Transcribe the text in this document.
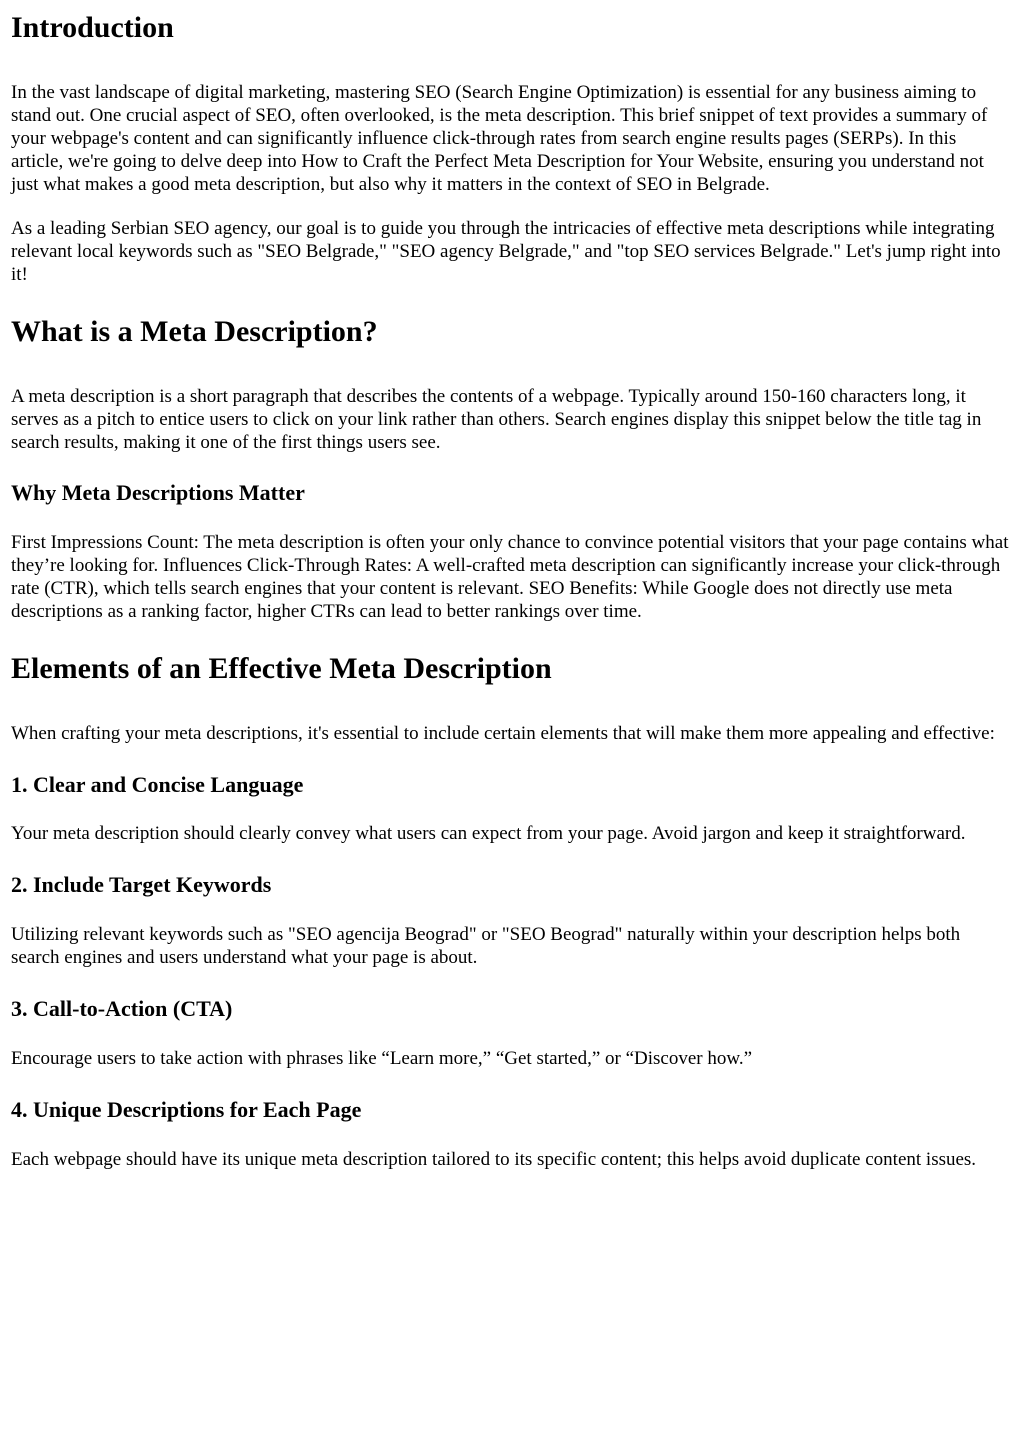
Introduction

In the vast landscape of digital marketing, mastering SEO (Search Engine Optimization) is essential for any business aiming to stand out. One crucial aspect of SEO, often overlooked, is the meta description. This brief snippet of text provides a summary of your webpage's content and can significantly influence click-through rates from search engine results pages (SERPs). In this article, we're going to delve deep into How to Craft the Perfect Meta Description for Your Website, ensuring you understand not just what makes a good meta description, but also why it matters in the context of SEO in Belgrade.

As a leading Serbian SEO agency, our goal is to guide you through the intricacies of effective meta descriptions while integrating relevant local keywords such as "SEO Belgrade," "SEO agency Belgrade," and "top SEO services Belgrade." Let's jump right into it!

What is a Meta Description?

A meta description is a short paragraph that describes the contents of a webpage. Typically around 150-160 characters long, it serves as a pitch to entice users to click on your link rather than others. Search engines display this snippet below the title tag in search results, making it one of the first things users see.

Why Meta Descriptions Matter

First Impressions Count: The meta description is often your only chance to convince potential visitors that your page contains what they’re looking for. Influences Click-Through Rates: A well-crafted meta description can significantly increase your click-through rate (CTR), which tells search engines that your content is relevant. SEO Benefits: While Google does not directly use meta descriptions as a ranking factor, higher CTRs can lead to better rankings over time.

Elements of an Effective Meta Description

When crafting your meta descriptions, it's essential to include certain elements that will make them more appealing and effective:

1. Clear and Concise Language

Your meta description should clearly convey what users can expect from your page. Avoid jargon and keep it straightforward.

2. Include Target Keywords

Utilizing relevant keywords such as "SEO agencija Beograd" or "SEO Beograd" naturally within your description helps both search engines and users understand what your page is about.

3. Call-to-Action (CTA)

Encourage users to take action with phrases like “Learn more,” “Get started,” or “Discover how.”

4. Unique Descriptions for Each Page

Each webpage should have its unique meta description tailored to its specific content; this helps avoid duplicate content issues.
